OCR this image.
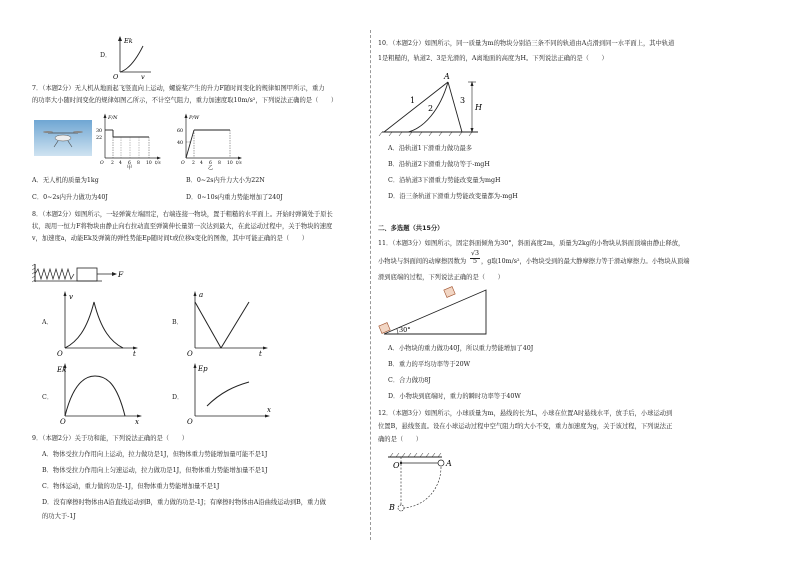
D．
Ek
v
O
7．（本题2分）无人机从地面起飞竖直向上运动，螺旋桨产生的升力F随时间变化的规律如图甲所示，重力
的功率大小随时间变化的规律如图乙所示，不计空气阻力，重力加速度取10m/s²，下列说法正确的是（　　）
F/N
30
22
2 4 6 8 10 t/s
O
甲
P/W
60
40
2 4 6 8 10 t/s
O
乙
A．无人机的质量为1kg	B．0~2s内升力大小为22N
C．0~2s内升力做功为40J	D．0~10s内重力势能增加了240J
8．（本题2分）如图所示，一轻弹簧左端固定，右端连接一物块，置于粗糙的水平面上。开始时弹簧处于原长
状，现用一恒力F将物块由静止向右拉动直至弹簧伸长量第一次达到最大，在此运动过程中，关于物块的速度
v，加速度a，动能Ek及弹簧的弹性势能Ep随时间t或位移x变化的图像，其中可能正确的是（　　）
F
A．
v
t
O
B．
a
t
O
C．
Ek
x
O
D．
Ep
x
O
9．（本题2分）关于功和能，下列说法正确的是（　　）
A．物体受拉力作用向上运动，拉力做功是1J，但物体重力势能增加量可能不是1J
B．物体受拉力作用向上匀速运动，拉力做功是1J，但物体重力势能增加量不是1J
C．物体运动，重力做的功是-1J，但物体重力势能增加量不是1J
D．没有摩擦时物体由A沿直线运动到B，重力做的功是-1J；有摩擦时物体由A沿曲线运动到B，重力做
的功大于-1J
10．（本题2分）如图所示，同一质量为m的物块分别沿三条不同的轨道由A点滑到同一水平面上，其中轨道
1是粗糙的，轨道2、3是光滑的，A离地面的高度为H。下列说法正确的是（　　）
A
1
2
3
H
A．沿轨道1下滑重力做功最多
B．沿轨道2下滑重力做功等于-mgH
C．沿轨道3下滑重力势能改变量为mgH
D．沿三条轨道下滑重力势能改变量都为-mgH
二、多选题（共15分）
11．（本题3分）如图所示，固定斜面倾角为30°，斜面高度2m，质量为2kg的小物块从斜面顶端由静止释放，
小物块与斜面间的动摩擦因数为 $\frac{√3}{5}$ ，g取10m/s²，小物块受到的最大静摩擦力等于滑动摩擦力。小物块从顶端
滑到底端的过程，下列说法正确的是（　　）
30°
A．小物块的重力做功40J，所以重力势能增加了40J
B．重力的平均功率等于20W
C．合力做功8J
D．小物块到底端时，重力的瞬时功率等于40W
12．（本题3分）如图所示，小球质量为m，悬线的长为L，小球在位置A时悬线水平，放手后，小球运动到
位置B，悬线竖直。设在小球运动过程中空气阻力f的大小不变，重力加速度为g，关于该过程，下列说法正
确的是（　　）
O	A
B
